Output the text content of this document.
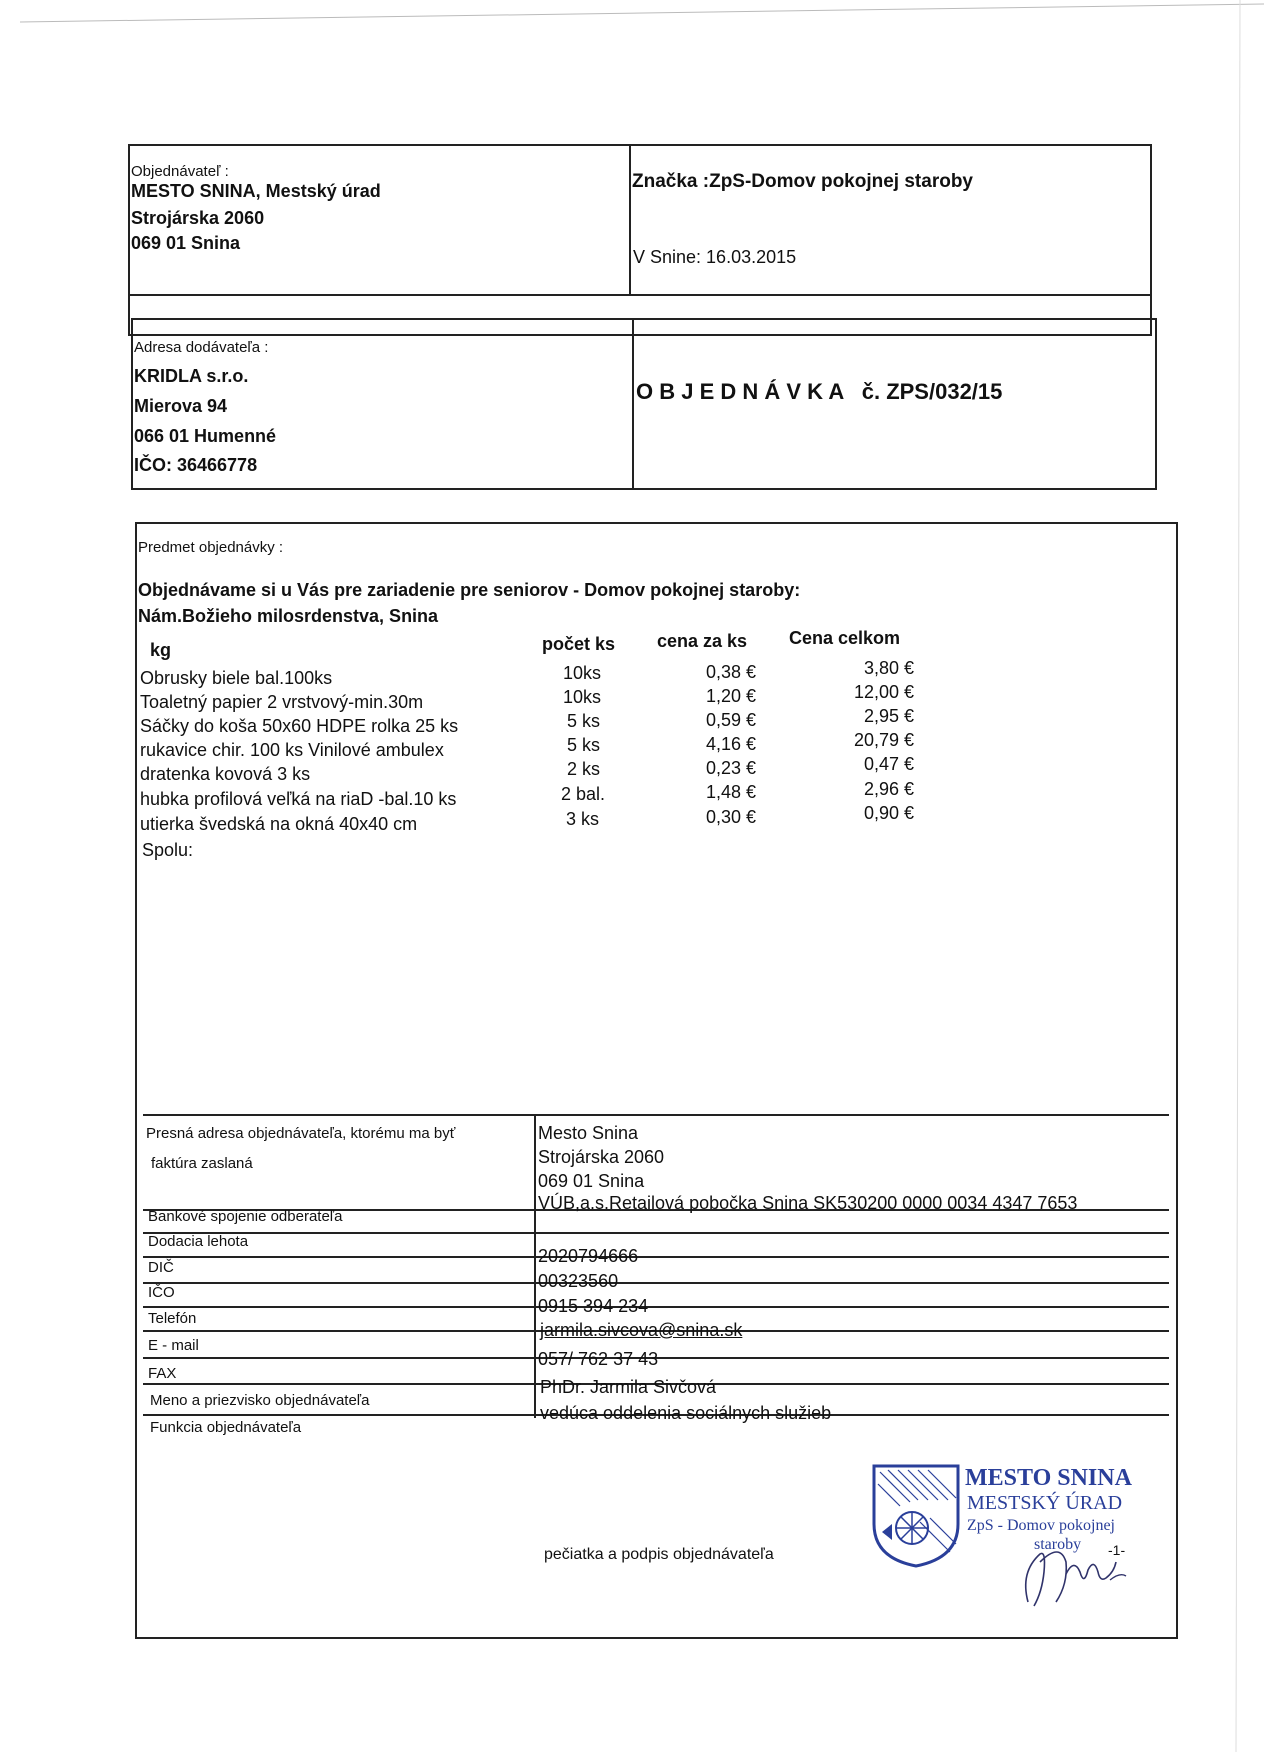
Objednávateľ :
MESTO SNINA, Mestský úrad
Strojárska 2060
069 01 Snina
Značka :ZpS-Domov pokojnej staroby
V Snine: 16.03.2015
Adresa dodávateľa :
KRIDLA s.r.o.
Mierova 94
066 01 Humenné
IČO: 36466778
O B J E D N Á V K A   č. ZPS/032/15
Predmet objednávky :
Objednávame si u Vás pre zariadenie pre seniorov - Domov pokojnej staroby:
Nám.Božieho milosrdenstva, Snina
kg	počet ks cena za ks Cena celkom
Obrusky biele bal.100ks	10ks	0,38 €	3,80 €
Toaletný papier 2 vrstvový-min.30m	10ks	1,20 €	12,00 €
Sáčky do koša 50x60 HDPE rolka 25 ks	5 ks	0,59 €	2,95 €
rukavice chir. 100 ks Vinilové ambulex	5 ks	4,16 €	20,79 €
dratenka kovová 3 ks	2 ks	0,23 €	0,47 €
hubka profilová veľká na riaD -bal.10 ks	2 bal.	1,48 €	2,96 €
utierka švedská na okná 40x40 cm	3 ks	0,30 €	0,90 €
Spolu:
Presná adresa objednávateľa, ktorému ma byť
faktúra zaslaná
Mesto Snina
Strojárska 2060
069 01 Snina
Bankové spojenie odberateľa
VÚB,a.s.Retailová pobočka Snina SK530200 0000 0034 4347 7653
Dodacia lehota
DIČ
2020794666
IČO
00323560
Telefón
0915 394 234
E - mail
jarmila.sivcova@snina.sk
FAX
057/ 762 37 43
Meno a priezvisko objednávateľa
PhDr. Jarmila Sivčová
Funkcia objednávateľa
vedúca oddelenia sociálnych služieb
pečiatka a podpis objednávateľa
MESTO SNINA
MESTSKÝ ÚRAD
ZpS - Domov pokojnej
staroby -1-
